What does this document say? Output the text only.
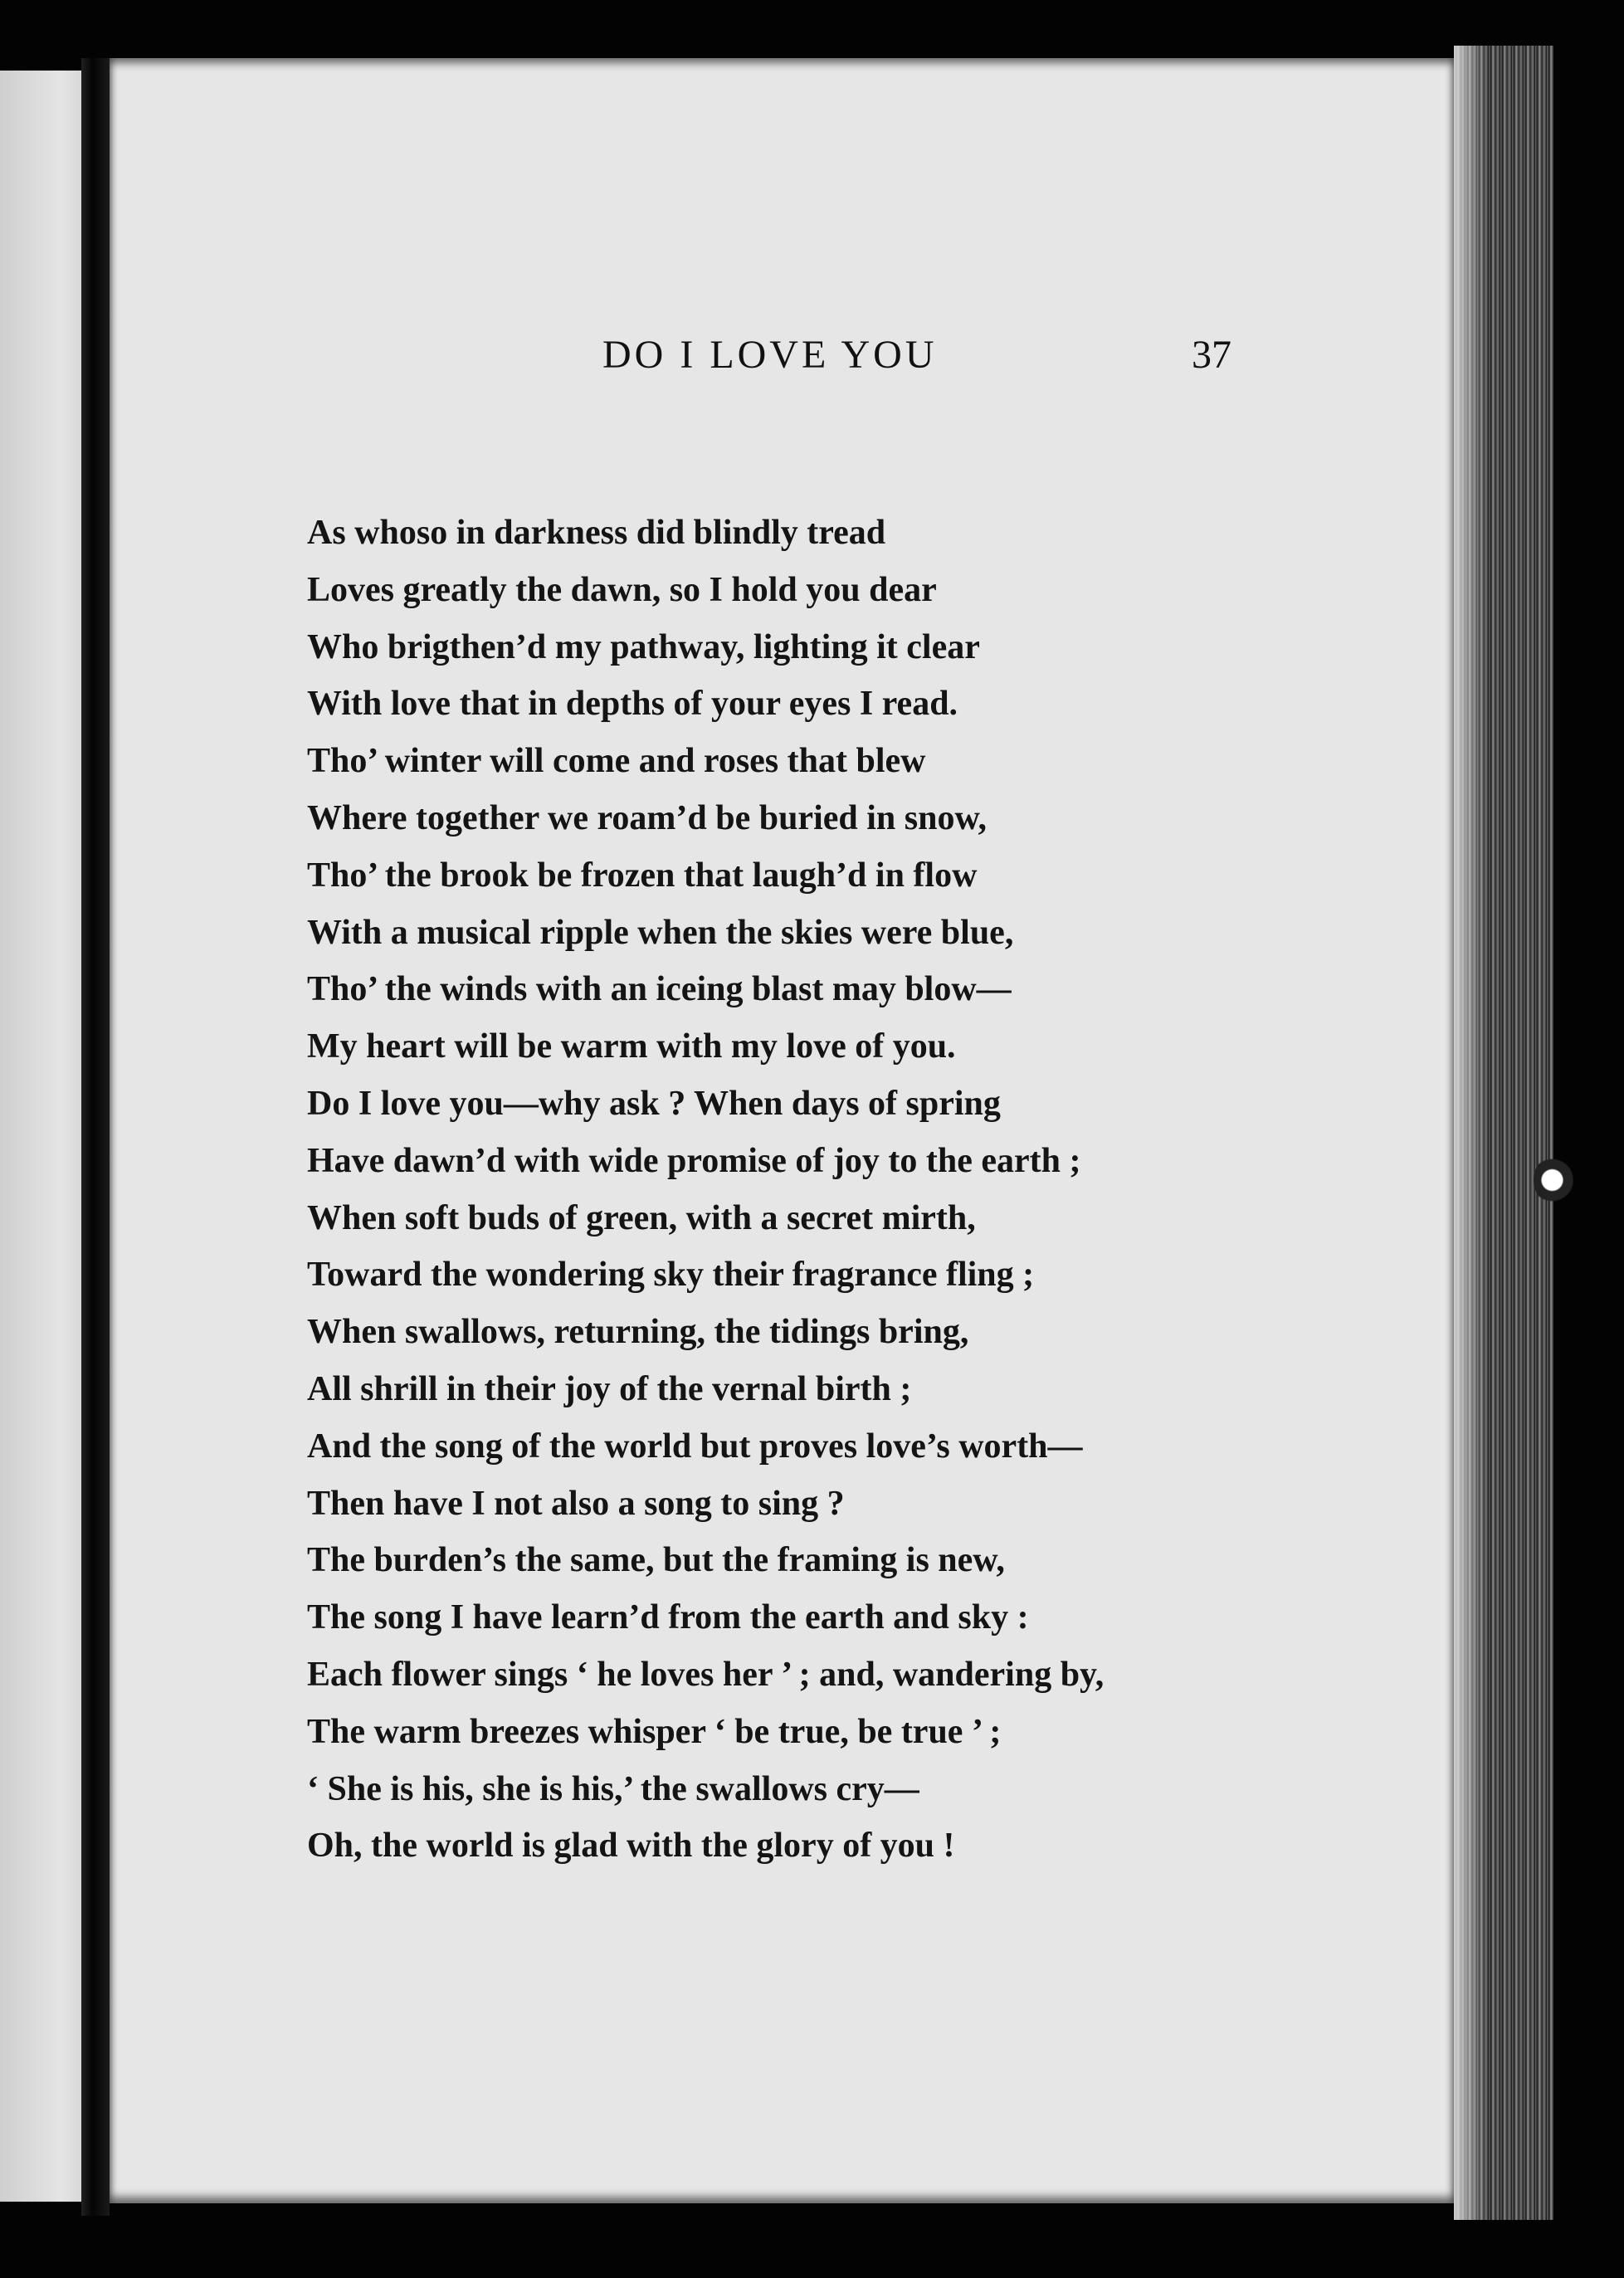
DO I LOVE YOU	37
As whoso in darkness did blindly tread
Loves greatly the dawn, so I hold you dear
Who brigthen’d my pathway, lighting it clear
With love that in depths of your eyes I read.
Tho’ winter will come and roses that blew
Where together we roam’d be buried in snow,
Tho’ the brook be frozen that laugh’d in flow
With a musical ripple when the skies were blue,
Tho’ the winds with an iceing blast may blow—
My heart will be warm with my love of you.
Do I love you—why ask ? When days of spring
Have dawn’d with wide promise of joy to the earth ;
When soft buds of green, with a secret mirth,
Toward the wondering sky their fragrance fling ;
When swallows, returning, the tidings bring,
All shrill in their joy of the vernal birth ;
And the song of the world but proves love’s worth—
Then have I not also a song to sing ?
The burden’s the same, but the framing is new,
The song I have learn’d from the earth and sky :
Each flower sings ‘ he loves her ’ ; and, wandering by,
The warm breezes whisper ‘ be true, be true ’ ;
‘ She is his, she is his,’ the swallows cry—
Oh, the world is glad with the glory of you !
